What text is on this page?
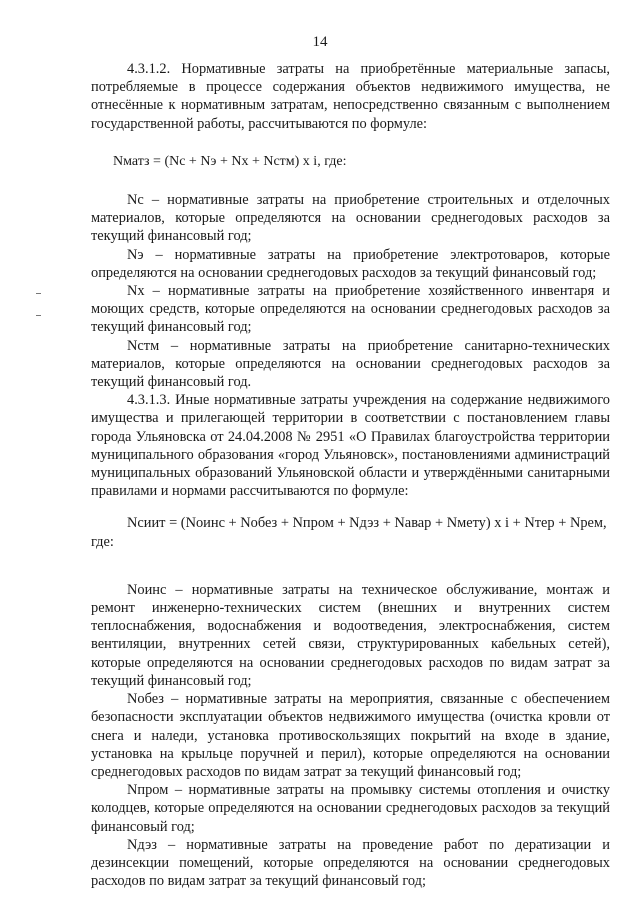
14

4.3.1.2. Нормативные затраты на приобретённые материальные запасы, потребляемые в процессе содержания объектов недвижимого имущества, не отнесённые к нормативным затратам, непосредственно связанным с выполнением государственной работы, рассчитываются по формуле:

Nматз = (Nс + Nэ + Nх + Nстм) х i, где:

Nс – нормативные затраты на приобретение строительных и отделочных материалов, которые определяются на основании среднегодовых расходов за текущий финансовый год;

Nэ – нормативные затраты на приобретение электротоваров, которые определяются на основании среднегодовых расходов за текущий финансовый год;

Nх – нормативные затраты на приобретение хозяйственного инвентаря и моющих средств, которые определяются на основании среднегодовых расходов за текущий финансовый год;

Nстм – нормативные затраты на приобретение санитарно-технических материалов, которые определяются на основании среднегодовых расходов за текущий финансовый год.

4.3.1.3. Иные нормативные затраты учреждения на содержание недвижимого имущества и прилегающей территории в соответствии с постановлением главы города Ульяновска от 24.04.2008 № 2951 «О Правилах благоустройства территории муниципального образования «город Ульяновск», постановлениями администраций муниципальных образований Ульяновской области и утверждёнными санитарными правилами и нормами рассчитываются по формуле:

Nсиит = (Nоинс + Nобез + Nпром + Nдэз + Nавар + Nмету) х i + Nтер + Nрем,

где:

Nоинс – нормативные затраты на техническое обслуживание, монтаж и ремонт инженерно-технических систем (внешних и внутренних систем теплоснабжения, водоснабжения и водоотведения, электроснабжения, систем вентиляции, внутренних сетей связи, структурированных кабельных сетей), которые определяются на основании среднегодовых расходов по видам затрат за текущий финансовый год;

Nобез – нормативные затраты на мероприятия, связанные с обеспечением безопасности эксплуатации объектов недвижимого имущества (очистка кровли от снега и наледи, установка противоскользящих покрытий на входе в здание, установка на крыльце поручней и перил), которые определяются на основании среднегодовых расходов по видам затрат за текущий финансовый год;

Nпром – нормативные затраты на промывку системы отопления и очистку колодцев, которые определяются на основании среднегодовых расходов за текущий финансовый год;

Nдэз – нормативные затраты на проведение работ по дератизации и дезинсекции помещений, которые определяются на основании среднегодовых расходов по видам затрат за текущий финансовый год;
